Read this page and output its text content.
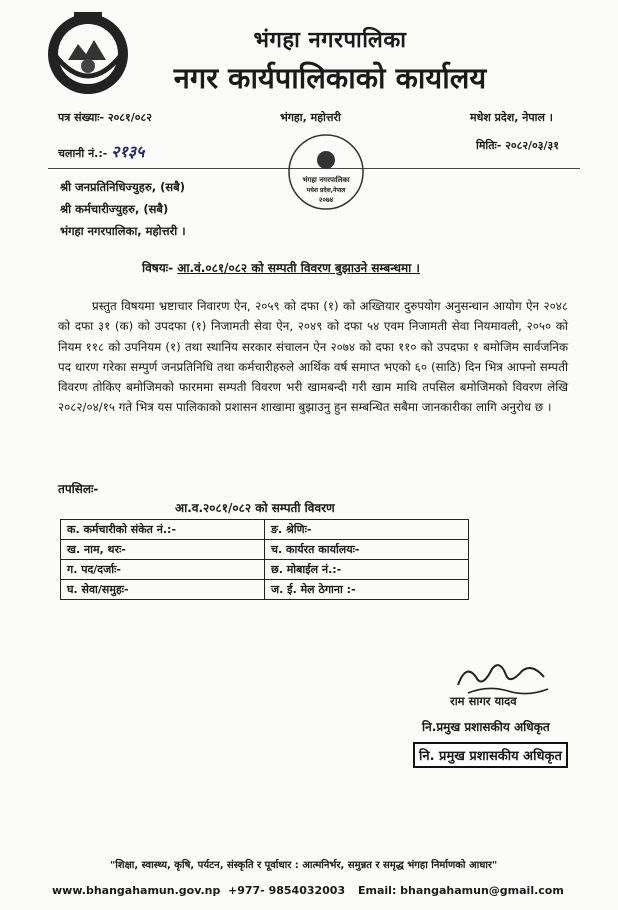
भंगहा नगरपालिका
नगर कार्यपालिकाको कार्यालय
पत्र संख्याः- २०८१/०८२	भंगहा, महोत्तरी	मधेश प्रदेश, नेपाल ।
चलानी नं.:- २१३५	मितिः- २०८२/०३/३१
भंगहा नगरपालिका
मधेश प्रदेश,नेपाल
२०७४
श्री जनप्रतिनिधिज्युहरु, (सबै)
श्री कर्मचारीज्युहरु, (सबै)
भंगहा नगरपालिका, महोत्तरी ।
विषयः- आ.वं.०८१/०८२ को सम्पती विवरण बुझाउने सम्बन्धमा ।
प्रस्तुत विषयमा भ्रष्टाचार निवारण ऐन, २०५९ को दफा (१) को अख्तियार दुरुपयोग अनुसन्धान आयोग ऐन २०४८ को दफा ३१ (क) को उपदफा (१) निजामती सेवा ऐन, २०४९ को दफा ५४ एवम निजामती सेवा नियमावली, २०५० को नियम ११८ को उपनियम (१) तथा स्थानिय सरकार संचालन ऐन २०७४ को दफा ११० को उपदफा १ बमोजिम सार्वजनिक पद धारण गरेका सम्पुर्ण जनप्रतिनिधि तथा कर्मचारीहरुले आर्थिक वर्ष समाप्त भएको ६० (साठि) दिन भित्र आफ्नो सम्पती विवरण तोकिए बमोजिमको फारममा सम्पती विवरण भरी खामबन्दी गरी खाम माथि तपसिल बमोजिमको विवरण लेखि २०८२/०४/१५ गते भित्र यस पालिकाको प्रशासन शाखामा बुझाउनु हुन सम्बन्धित सबैमा जानकारीका लागि अनुरोध छ ।
तपसिलः-
आ.व.२०८१/०८२ को सम्पती विवरण
क. कर्मचारीको संकेत नं.:-	ङ. श्रेणिः-
ख. नाम, थरः-	च. कार्यरत कार्यालयः-
ग. पद/दर्जाः-	छ. मोबाईल नं.:-
घ. सेवा/समुहः-	ज. ई. मेल ठेगाना :-
राम सागर यादव
नि.प्रमुख प्रशासकीय अधिकृत
नि. प्रमुख प्रशासकीय अधिकृत
"शिक्षा, स्वास्थ्य, कृषि, पर्यटन, संस्कृति र पूर्वाधार : आत्मनिर्भर, समुन्नत र समृद्ध भंगहा निर्माणको आधार"
www.bhangahamun.gov.np +977- 9854032003 Email: bhangahamun@gmail.com
